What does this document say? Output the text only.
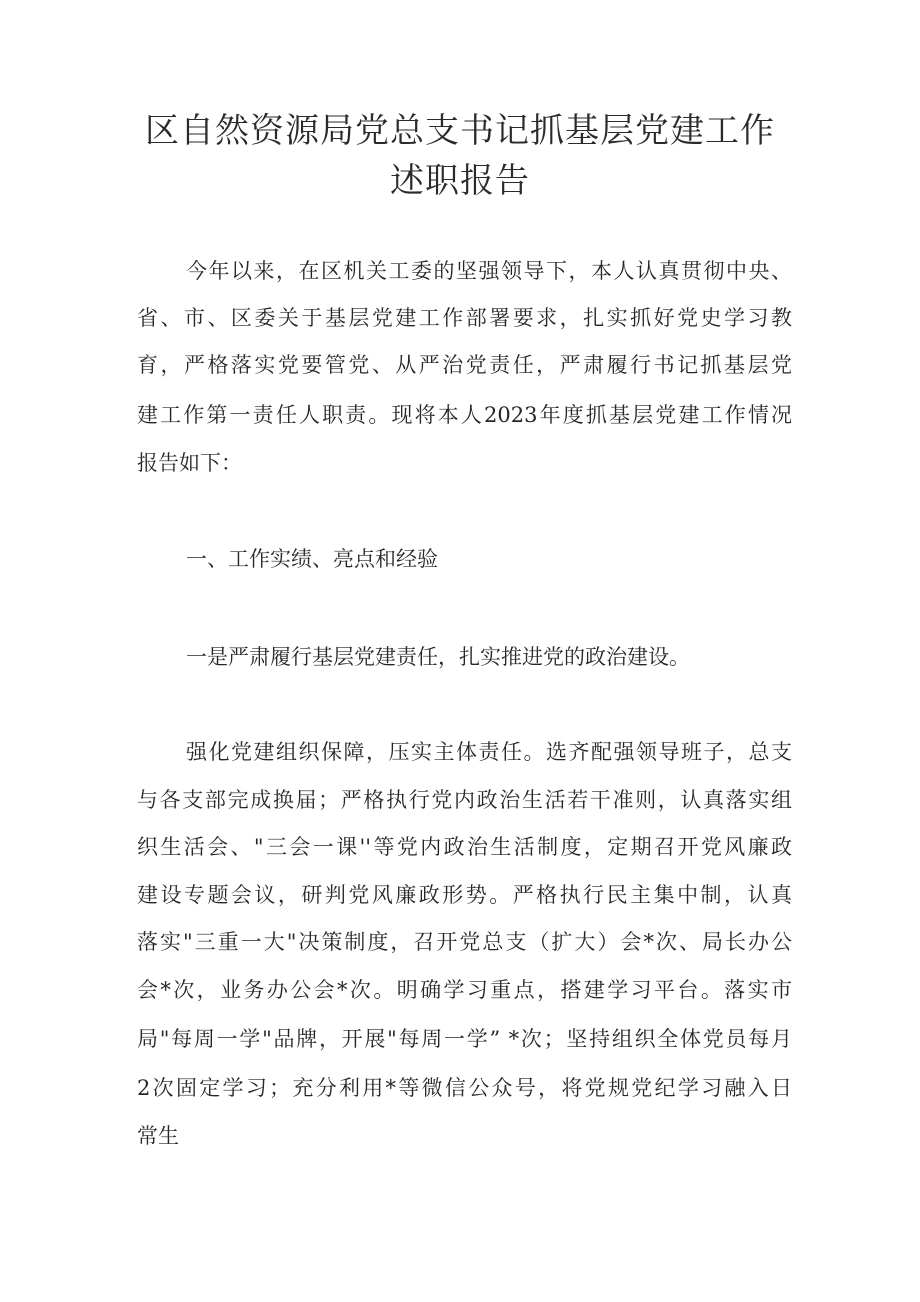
区自然资源局党总支书记抓基层党建工作
述职报告
今年以来，在区机关工委的坚强领导下，本人认真贯彻中央、
省、市、区委关于基层党建工作部署要求，扎实抓好党史学习教
育，严格落实党要管党、从严治党责任，严肃履行书记抓基层党
建工作第一责任人职责。现将本人2023年度抓基层党建工作情况
报告如下：
一、工作实绩、亮点和经验
一是严肃履行基层党建责任，扎实推进党的政治建设。
强化党建组织保障，压实主体责任。选齐配强领导班子，总支
与各支部完成换届；严格执行党内政治生活若干准则，认真落实组
织生活会、"三会一课''等党内政治生活制度，定期召开党风廉政
建设专题会议，研判党风廉政形势。严格执行民主集中制，认真
落实"三重一大"决策制度，召开党总支（扩大）会*次、局长办公
会*次，业务办公会*次。明确学习重点，搭建学习平台。落实市
局"每周一学"品牌，开展"每周一学” *次；坚持组织全体党员每月
2次固定学习；充分利用*等微信公众号，将党规党纪学习融入日
常生
